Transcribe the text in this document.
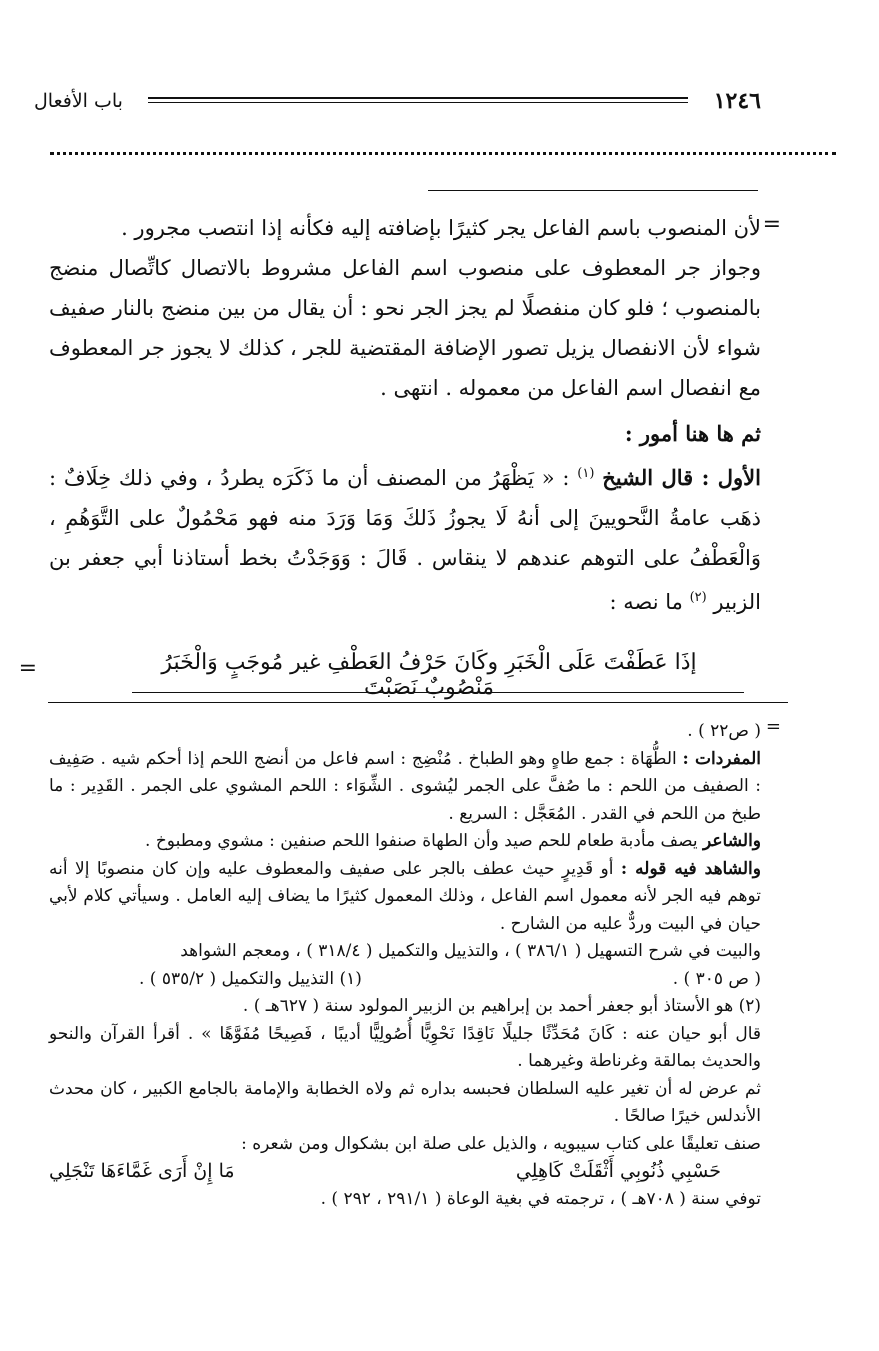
١٢٤٦
باب الأفعال
=
=
=

لأن المنصوب باسم الفاعل يجر كثيرًا بإضافته إليه فكأنه إذا انتصب مجرور .

وجواز جر المعطوف على منصوب اسم الفاعل مشروط بالاتصال كاتِّصال منضج بالمنصوب ؛ فلو كان منفصلًا لم يجز الجر نحو : أن يقال من بين منضج بالنار صفيف شواء لأن الانفصال يزيل تصور الإضافة المقتضية للجر ، كذلك لا يجوز جر المعطوف مع انفصال اسم الفاعل من معموله . انتهى .

ثم ها هنا أمور :

الأول : قال الشيخ $^{(١)}$ : « يَظْهَرُ من المصنف أن ما ذَكَرَه يطردُ ، وفي ذلك خِلَافٌ : ذهَب عامةُ النَّحويينَ إلى أنهُ لَا يجوزُ ذَلكَ وَمَا وَرَدَ منه فهو مَحْمُولٌ على التَّوَهُمِ ، وَالْعَطْفُ على التوهم عندهم لا ينقاس . قَالَ : وَوَجَدْتُ بخط أستاذنا أبي جعفر بن الزبير $^{(٢)}$ ما نصه :

إذَا عَطَفْتَ عَلَى الْخَبَرِ وكَانَ حَرْفُ العَطْفِ غير مُوجَبٍ وَالْخَبَرُ مَنْصُوبٌ نَصَبْتَ

( ص٢٢ ) .

المفردات : الطُّهَاة : جمع طاهٍ وهو الطباخ . مُنْضِج : اسم فاعل من أنضج اللحم إذا أحكم شيه . صَفِيف : الصفيف من اللحم : ما صُفَّ على الجمر ليُشوى . الشِّوَاء : اللحم المشوي على الجمر . القَدِير : ما طبخ من اللحم في القدر . المُعَجَّل : السريع .

والشاعر يصف مأدبة طعام للحم صيد وأن الطهاة صنفوا اللحم صنفين : مشوي ومطبوخ .

والشاهد فيه قوله : أو قَدِيرٍ حيث عطف بالجر على صفيف والمعطوف عليه وإن كان منصوبًا إلا أنه توهم فيه الجر لأنه معمول اسم الفاعل ، وذلك المعمول كثيرًا ما يضاف إليه العامل . وسيأتي كلام لأبي حيان في البيت وردٌّ عليه من الشارح .

والبيت في شرح التسهيل ( ٣٨٦/١ ) ، والتذييل والتكميل ( ٣١٨/٤ ) ، ومعجم الشواهد

( ص ٣٠٥ ) .
(١) التذييل والتكميل ( ٥٣٥/٢ ) .

(٢) هو الأستاذ أبو جعفر أحمد بن إبراهيم بن الزبير المولود سنة ( ٦٢٧هـ ) .

قال أبو حيان عنه : كَانَ مُحَدِّثًا جليلًا نَاقِدًا نَحْوِيًّا أُصُولِيًّا أديبًا ، فَصِيحًا مُفَوَّهًا » . أقرأ القرآن والنحو والحديث بمالقة وغرناطة وغيرهما .

ثم عرض له أن تغير عليه السلطان فحبسه بداره ثم ولاه الخطابة والإمامة بالجامع الكبير ، كان محدث الأندلس خيرًا صالحًا .

صنف تعليقًا على كتاب سيبويه ، والذيل على صلة ابن بشكوال ومن شعره :

حَسْبِي ذُنُوبِي أَثْقَلَتْ كَاهِلِي
مَا إِنْ أَرَى غَمَّاءَهَا تَنْجَلِي

توفي سنة ( ٧٠٨هـ ) ، ترجمته في بغية الوعاة ( ٢٩١/١ ، ٢٩٢ ) .
